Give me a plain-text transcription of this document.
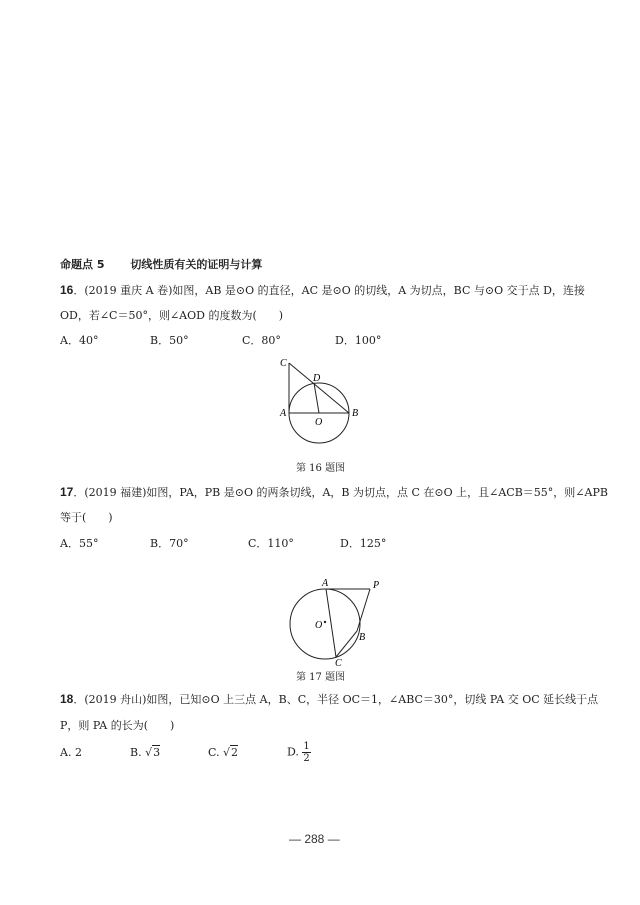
命题点 5 切线性质有关的证明与计算
16．(2019 重庆 A 卷)如图，AB 是⊙O 的直径，AC 是⊙O 的切线，A 为切点，BC 与⊙O 交于点 D，连接
OD，若∠C＝50°，则∠AOD 的度数为(　　)
A．40°	B．50°	C．80°	D．100°
C
D
A
O
B
第 16 题图
17．(2019 福建)如图，PA，PB 是⊙O 的两条切线，A，B 为切点，点 C 在⊙O 上，且∠ACB＝55°，则∠APB
等于(　　)
A．55°	B．70°	C．110°	D．125°
A	P
O
B
C
第 17 题图
18．(2019 舟山)如图，已知⊙O 上三点 A，B、C，半径 OC＝1，∠ABC＝30°，切线 PA 交 OC 延长线于点
P，则 PA 的长为(　　)
A. 2	B. √3	C. √2	D. $\frac{1}{2}$
— 288 —
